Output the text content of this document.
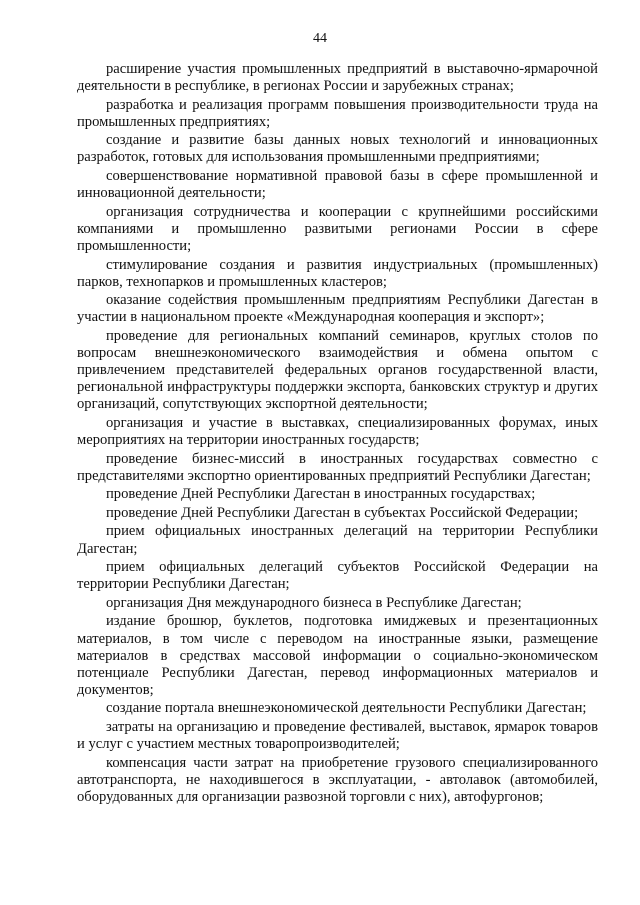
44

расширение участия промышленных предприятий в выставочно-ярмарочной деятельности в республике, в регионах России и зарубежных странах;

разработка и реализация программ повышения производительности труда на промышленных предприятиях;

создание и развитие базы данных новых технологий и инновационных разработок, готовых для использования промышленными предприятиями;

совершенствование нормативной правовой базы в сфере промышленной и инновационной деятельности;

организация сотрудничества и кооперации с крупнейшими российскими компаниями и промышленно развитыми регионами России в сфере промышленности;

стимулирование создания и развития индустриальных (промышленных) парков, технопарков и промышленных кластеров;

оказание содействия промышленным предприятиям Республики Дагестан в участии в национальном проекте «Международная кооперация и экспорт»;

проведение для региональных компаний семинаров, круглых столов по вопросам внешнеэкономического взаимодействия и обмена опытом с привлечением представителей федеральных органов государственной власти, региональной инфраструктуры поддержки экспорта, банковских структур и других организаций, сопутствующих экспортной деятельности;

организация и участие в выставках, специализированных форумах, иных мероприятиях на территории иностранных государств;

проведение бизнес-миссий в иностранных государствах совместно с представителями экспортно ориентированных предприятий Республики Дагестан;

проведение Дней Республики Дагестан в иностранных государствах;

проведение Дней Республики Дагестан в субъектах Российской Федерации;

прием официальных иностранных делегаций на территории Республики Дагестан;

прием официальных делегаций субъектов Российской Федерации на территории Республики Дагестан;

организация Дня международного бизнеса в Республике Дагестан;

издание брошюр, буклетов, подготовка имиджевых и презентационных материалов, в том числе с переводом на иностранные языки, размещение материалов в средствах массовой информации о социально-экономическом потенциале Республики Дагестан, перевод информационных материалов и документов;

создание портала внешнеэкономической деятельности Республики Дагестан;

затраты на организацию и проведение фестивалей, выставок, ярмарок товаров и услуг с участием местных товаропроизводителей;

компенсация части затрат на приобретение грузового специализированного автотранспорта, не находившегося в эксплуатации, - автолавок (автомобилей, оборудованных для организации развозной торговли с них), автофургонов;
